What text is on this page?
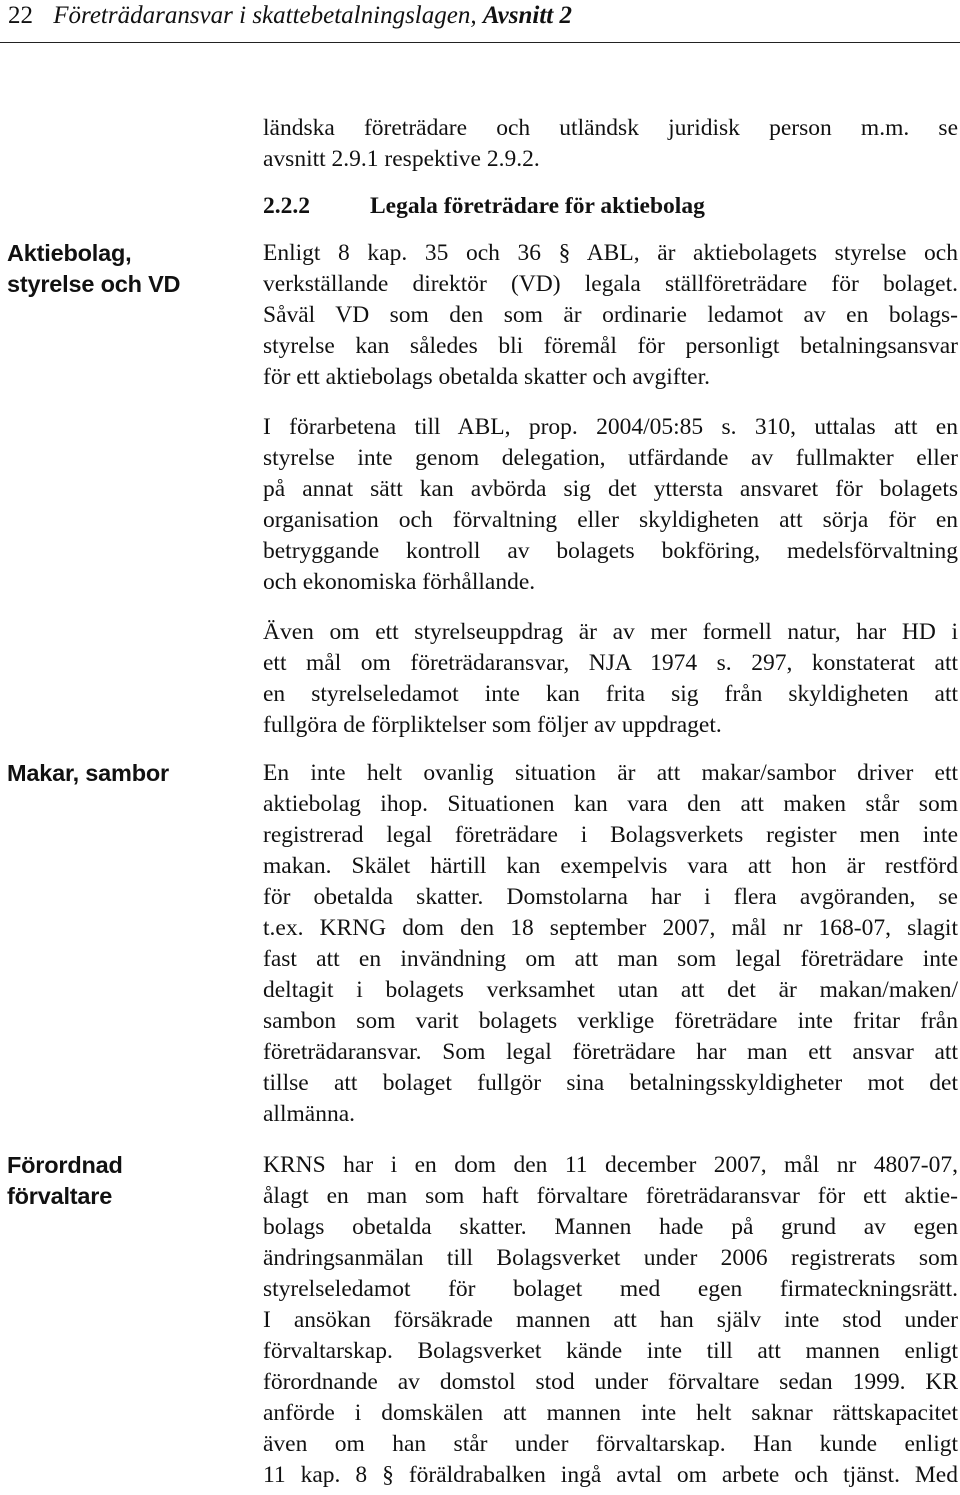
22 Företrädaransvar i skattebetalningslagen, Avsnitt 2
Aktiebolag,
styrelse och VD
Makar, sambor
Förordnad
förvaltare
ländska företrädare och utländsk juridisk person m.m. se
avsnitt 2.9.1 respektive 2.9.2.
2.2.2	Legala företrädare för aktiebolag
Enligt 8 kap. 35 och 36 § ABL, är aktiebolagets styrelse och
verkställande direktör (VD) legala ställföreträdare för bolaget.
Såväl VD som den som är ordinarie ledamot av en bolags-
styrelse kan således bli föremål för personligt betalningsansvar
för ett aktiebolags obetalda skatter och avgifter.
I förarbetena till ABL, prop. 2004/05:85 s. 310, uttalas att en
styrelse inte genom delegation, utfärdande av fullmakter eller
på annat sätt kan avbörda sig det yttersta ansvaret för bolagets
organisation och förvaltning eller skyldigheten att sörja för en
betryggande kontroll av bolagets bokföring, medelsförvaltning
och ekonomiska förhållande.
Även om ett styrelseuppdrag är av mer formell natur, har HD i
ett mål om företrädaransvar, NJA 1974 s. 297, konstaterat att
en styrelseledamot inte kan frita sig från skyldigheten att
fullgöra de förpliktelser som följer av uppdraget.
En inte helt ovanlig situation är att makar/sambor driver ett
aktiebolag ihop. Situationen kan vara den att maken står som
registrerad legal företrädare i Bolagsverkets register men inte
makan. Skälet härtill kan exempelvis vara att hon är restförd
för obetalda skatter. Domstolarna har i flera avgöranden, se
t.ex. KRNG dom den 18 september 2007, mål nr 168-07, slagit
fast att en invändning om att man som legal företrädare inte
deltagit i bolagets verksamhet utan att det är makan/maken/
sambon som varit bolagets verklige företrädare inte fritar från
företrädaransvar. Som legal företrädare har man ett ansvar att
tillse att bolaget fullgör sina betalningsskyldigheter mot det
allmänna.
KRNS har i en dom den 11 december 2007, mål nr 4807-07,
ålagt en man som haft förvaltare företrädaransvar för ett aktie-
bolags obetalda skatter. Mannen hade på grund av egen
ändringsanmälan till Bolagsverket under 2006 registrerats som
styrelseledamot för bolaget med egen firmateckningsrätt.
I ansökan försäkrade mannen att han själv inte stod under
förvaltarskap. Bolagsverket kände inte till att mannen enligt
förordnande av domstol stod under förvaltare sedan 1999. KR
anförde i domskälen att mannen inte helt saknar rättskapacitet
även om han står under förvaltarskap. Han kunde enligt
11 kap. 8 § föräldrabalken ingå avtal om arbete och tjänst. Med
